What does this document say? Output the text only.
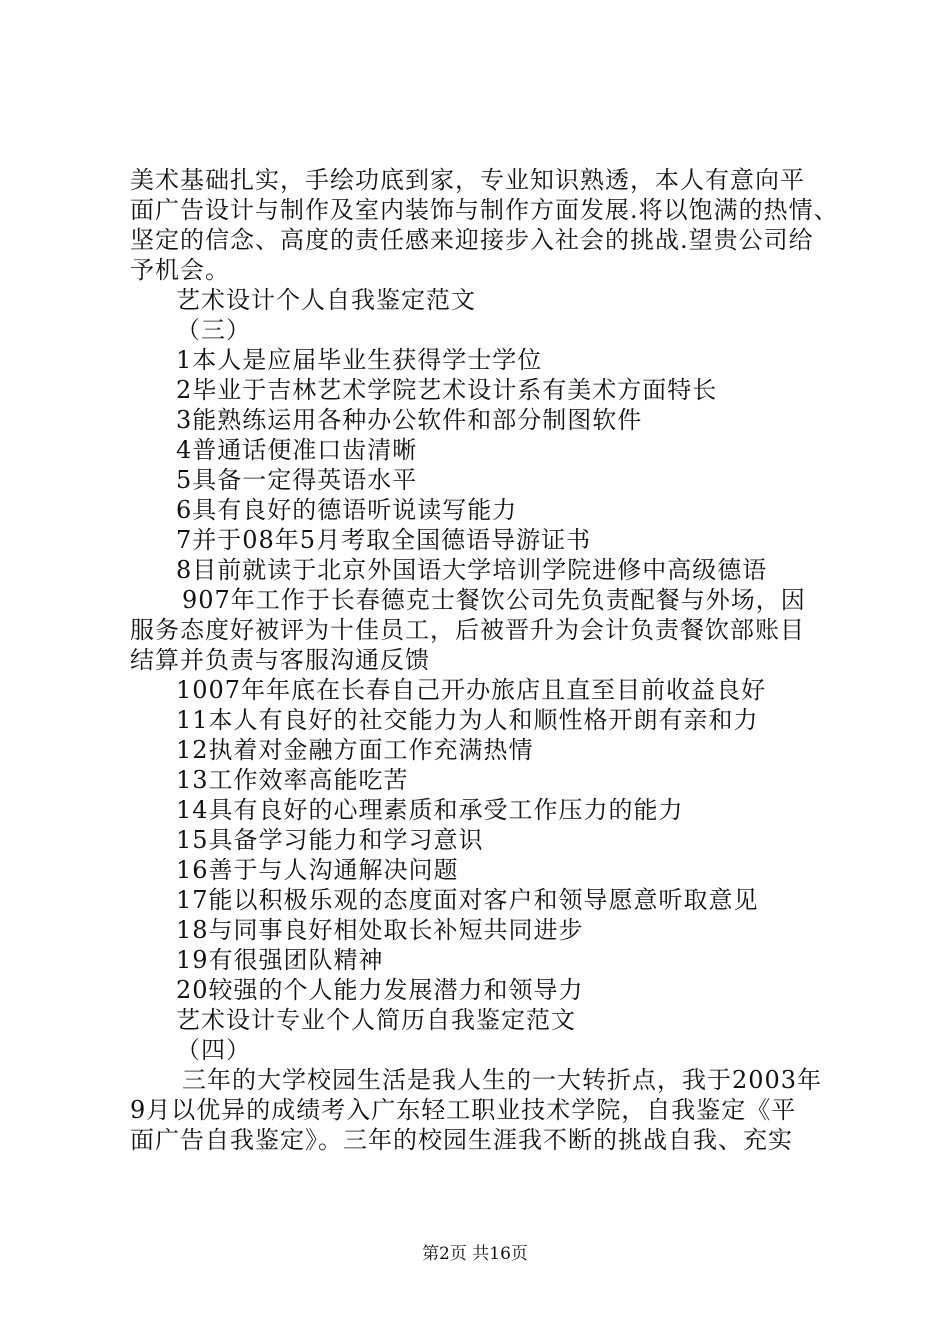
美术基础扎实，手绘功底到家，专业知识熟透，本人有意向平
面广告设计与制作及室内装饰与制作方面发展.将以饱满的热情、
坚定的信念、高度的责任感来迎接步入社会的挑战.望贵公司给
予机会。
艺术设计个人自我鉴定范文
（三）
1本人是应届毕业生获得学士学位
2毕业于吉林艺术学院艺术设计系有美术方面特长
3能熟练运用各种办公软件和部分制图软件
4普通话便准口齿清晰
5具备一定得英语水平
6具有良好的德语听说读写能力
7并于08年5月考取全国德语导游证书
8目前就读于北京外国语大学培训学院进修中高级德语
907年工作于长春德克士餐饮公司先负责配餐与外场，因
服务态度好被评为十佳员工，后被晋升为会计负责餐饮部账目
结算并负责与客服沟通反馈
1007年年底在长春自己开办旅店且直至目前收益良好
11本人有良好的社交能力为人和顺性格开朗有亲和力
12执着对金融方面工作充满热情
13工作效率高能吃苦
14具有良好的心理素质和承受工作压力的能力
15具备学习能力和学习意识
16善于与人沟通解决问题
17能以积极乐观的态度面对客户和领导愿意听取意见
18与同事良好相处取长补短共同进步
19有很强团队精神
20较强的个人能力发展潜力和领导力
艺术设计专业个人简历自我鉴定范文
（四）
三年的大学校园生活是我人生的一大转折点，我于2003年
9月以优异的成绩考入广东轻工职业技术学院，自我鉴定《平
面广告自我鉴定》。三年的校园生涯我不断的挑战自我、充实
第2页 共16页
